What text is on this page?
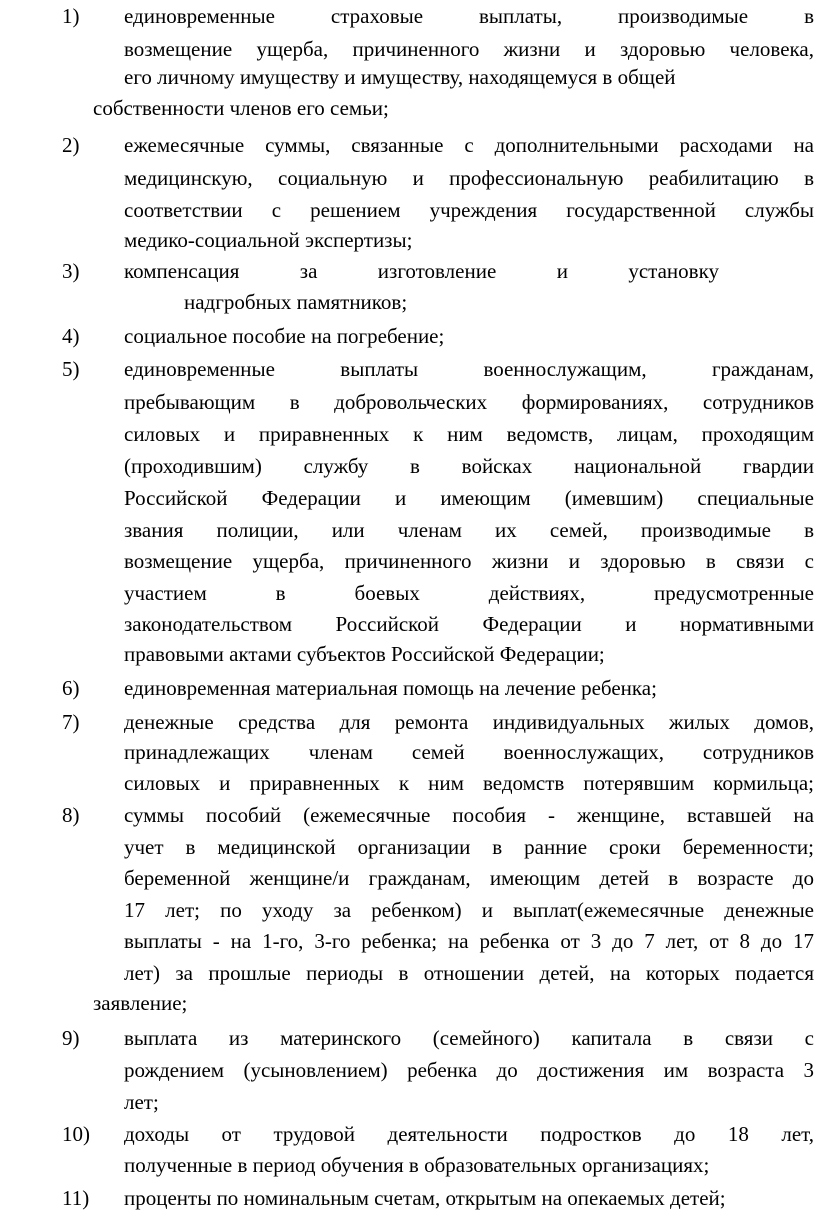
1) единовременные страховые выплаты, производимые в
возмещение ущерба, причиненного жизни и здоровью человека,
его личному имуществу и имуществу, находящемуся в общей
собственности членов его семьи;
2) ежемесячные суммы, связанные с дополнительными расходами на
медицинскую, социальную и профессиональную реабилитацию в
соответствии с решением учреждения государственной службы
медико-социальной экспертизы;
3) компенсация за изготовление и установку
надгробных памятников;
4) социальное пособие на погребение;
5) единовременные выплаты военнослужащим, гражданам,
пребывающим в добровольческих формированиях, сотрудников
силовых и приравненных к ним ведомств, лицам, проходящим
(проходившим) службу в войсках национальной гвардии
Российской Федерации и имеющим (имевшим) специальные
звания полиции, или членам их семей, производимые в
возмещение ущерба, причиненного жизни и здоровью в связи с
участием в боевых действиях, предусмотренные
законодательством Российской Федерации и нормативными
правовыми актами субъектов Российской Федерации;
6) единовременная материальная помощь на лечение ребенка;
7) денежные средства для ремонта индивидуальных жилых домов,
принадлежащих членам семей военнослужащих, сотрудников
силовых и приравненных к ним ведомств потерявшим кормильца;
8) суммы пособий (ежемесячные пособия - женщине, вставшей на
учет в медицинской организации в ранние сроки беременности;
беременной женщине/и гражданам, имеющим детей в возрасте до
17 лет; по уходу за ребенком) и выплат(ежемесячные денежные
выплаты - на 1-го, 3-го ребенка; на ребенка от 3 до 7 лет, от 8 до 17
лет) за прошлые периоды в отношении детей, на которых подается
заявление;
9) выплата из материнского (семейного) капитала в связи с
рождением (усыновлением) ребенка до достижения им возраста 3
лет;
10) доходы от трудовой деятельности подростков до 18 лет,
полученные в период обучения в образовательных организациях;
11) проценты по номинальным счетам, открытым на опекаемых детей;
